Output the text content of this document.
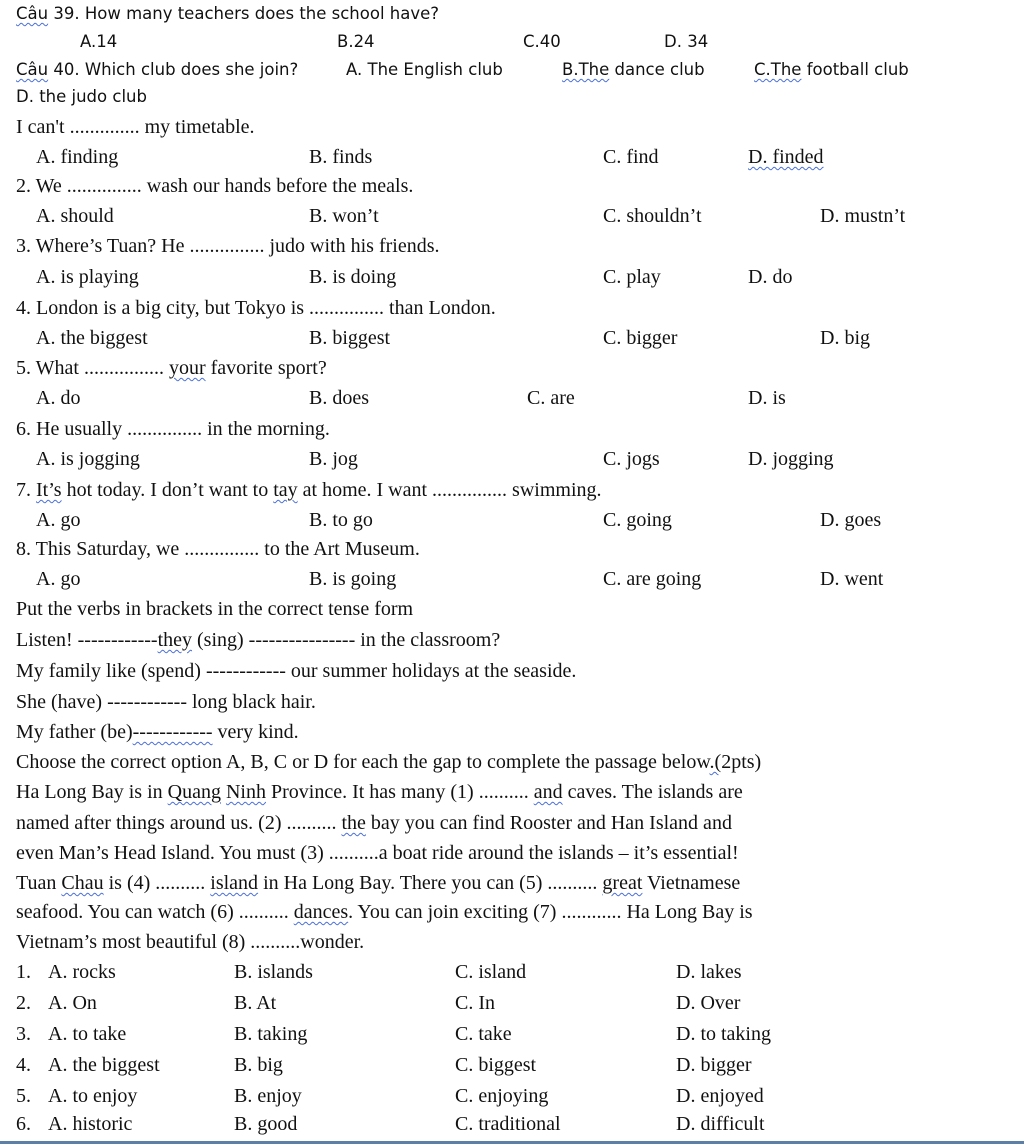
Câu 39. How many teachers does the school have?
A.14	B.24	C.40	D. 34
Câu 40. Which club does she join?	A. The English club	B.The dance club	C.The football club
D. the judo club
I can't .............. my timetable.
A. finding	B. finds	C. find	D. finded
2. We ............... wash our hands before the meals.
A. should	B. won’t	C. shouldn’t	D. mustn’t
3. Where’s Tuan? He ............... judo with his friends.
A. is playing	B. is doing	C. play	D. do
4. London is a big city, but Tokyo is ............... than London.
A. the biggest	B. biggest	C. bigger	D. big
5. What ................ your favorite sport?
A. do	B. does	C. are	D. is
6. He usually ............... in the morning.
A. is jogging	B. jog	C. jogs	D. jogging
7. It’s hot today. I don’t want to tay at home. I want ............... swimming.
A. go	B. to go	C. going	D. goes
8. This Saturday, we ............... to the Art Museum.
A. go	B. is going	C. are going	D. went
Put the verbs in brackets in the correct tense form
Listen! ------------they (sing) ---------------- in the classroom?
My family like (spend) ------------ our summer holidays at the seaside.
She (have) ------------ long black hair.
My father (be)------------ very kind.
Choose the correct option A, B, C or D for each the gap to complete the passage below.(2pts)
Ha Long Bay is in Quang Ninh Province. It has many (1) .......... and caves. The islands are
named after things around us. (2) .......... the bay you can find Rooster and Han Island and
even Man’s Head Island. You must (3) ..........a boat ride around the islands – it’s essential!
Tuan Chau is (4) .......... island in Ha Long Bay. There you can (5) .......... great Vietnamese
seafood. You can watch (6) .......... dances. You can join exciting (7) ............ Ha Long Bay is
Vietnam’s most beautiful (8) ..........wonder.
1. A. rocks	B. islands	C. island	D. lakes
2. A. On	B. At	C. In	D. Over
3. A. to take	B. taking	C. take	D. to taking
4. A. the biggest	B. big	C. biggest	D. bigger
5. A. to enjoy	B. enjoy	C. enjoying	D. enjoyed
6. A. historic	B. good	C. traditional	D. difficult
